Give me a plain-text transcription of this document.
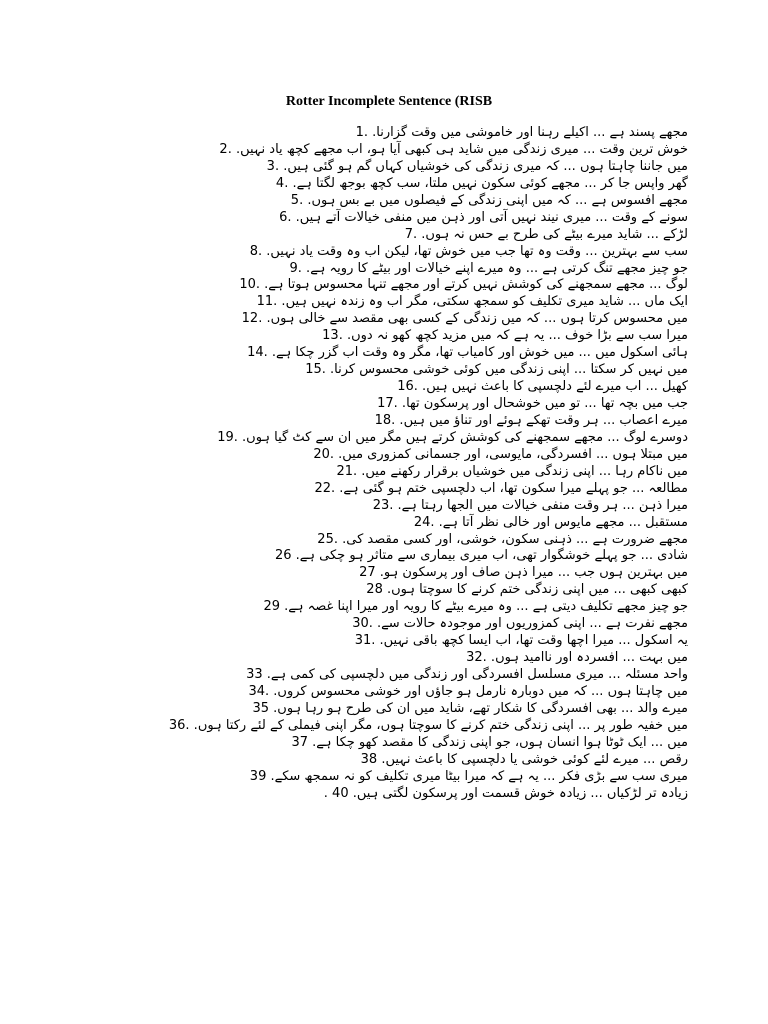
Rotter Incomplete Sentence (RISB
مجھے پسند ہے ... اکیلے رہنا اور خاموشی میں وقت گزارنا. .1
خوش ترین وقت ... میری زندگی میں شاید ہی کبھی آیا ہو، اب مجھے کچھ یاد نہیں. .2
میں جاننا چاہتا ہوں ... کہ میری زندگی کی خوشیاں کہاں گم ہو گئی ہیں. .3
گھر واپس جا کر ... مجھے کوئی سکون نہیں ملتا، سب کچھ بوجھ لگتا ہے. .4
مجھے افسوس ہے ... کہ میں اپنی زندگی کے فیصلوں میں بے بس ہوں. .5
سونے کے وقت ... میری نیند نہیں آتی اور ذہن میں منفی خیالات آتے ہیں. .6
لڑکے ... شاید میرے بیٹے کی طرح بے حس نہ ہوں. .7
سب سے بہترین ... وقت وہ تھا جب میں خوش تھا، لیکن اب وہ وقت یاد نہیں. .8
جو چیز مجھے تنگ کرتی ہے ... وہ میرے اپنے خیالات اور بیٹے کا رویہ ہے. .9
لوگ ... مجھے سمجھنے کی کوشش نہیں کرتے اور مجھے تنہا محسوس ہوتا ہے. .10
ایک ماں ... شاید میری تکلیف کو سمجھ سکتی، مگر اب وہ زندہ نہیں ہیں. .11
میں محسوس کرتا ہوں ... کہ میں زندگی کے کسی بھی مقصد سے خالی ہوں. .12
میرا سب سے بڑا خوف ... یہ ہے کہ میں مزید کچھ کھو نہ دوں. .13
ہائی اسکول میں ... میں خوش اور کامیاب تھا، مگر وہ وقت اب گزر چکا ہے. .14
میں نہیں کر سکتا ... اپنی زندگی میں کوئی خوشی محسوس کرنا. .15
کھیل ... اب میرے لئے دلچسپی کا باعث نہیں ہیں. .16
جب میں بچہ تھا ... تو میں خوشحال اور پرسکون تھا. .17
میرے اعصاب ... ہر وقت تھکے ہوئے اور تناؤ میں ہیں. .18
دوسرے لوگ ... مجھے سمجھنے کی کوشش کرتے ہیں مگر میں ان سے کٹ گیا ہوں. .19
میں مبتلا ہوں ... افسردگی، مایوسی، اور جسمانی کمزوری میں. .20
میں ناکام رہا ... اپنی زندگی میں خوشیاں برقرار رکھنے میں. .21
مطالعہ ... جو پہلے میرا سکون تھا، اب دلچسپی ختم ہو گئی ہے. .22
میرا ذہن ... ہر وقت منفی خیالات میں الجھا رہتا ہے. .23
مستقبل ... مجھے مایوس اور خالی نظر آتا ہے. .24
مجھے ضرورت ہے ... ذہنی سکون، خوشی، اور کسی مقصد کی. .25
شادی ... جو پہلے خوشگوار تھی، اب میری بیماری سے متاثر ہو چکی ہے. 26
میں بہترین ہوں جب ... میرا ذہن صاف اور پرسکون ہو. 27
کبھی کبھی ... میں اپنی زندگی ختم کرنے کا سوچتا ہوں. 28
جو چیز مجھے تکلیف دیتی ہے ... وہ میرے بیٹے کا رویہ اور میرا اپنا غصہ ہے. 29
مجھے نفرت ہے ... اپنی کمزوریوں اور موجودہ حالات سے. .30
یہ اسکول ... میرا اچھا وقت تھا، اب ایسا کچھ باقی نہیں. .31
میں بہت ... افسردہ اور ناامید ہوں. .32
واحد مسئلہ ... میری مسلسل افسردگی اور زندگی میں دلچسپی کی کمی ہے. 33
میں چاہتا ہوں ... کہ میں دوبارہ نارمل ہو جاؤں اور خوشی محسوس کروں. .34
میرے والد ... بھی افسردگی کا شکار تھے، شاید میں ان کی طرح ہو رہا ہوں. 35
میں خفیہ طور پر ... اپنی زندگی ختم کرنے کا سوچتا ہوں، مگر اپنی فیملی کے لئے رکتا ہوں. .36
میں ... ایک ٹوٹا ہوا انسان ہوں، جو اپنی زندگی کا مقصد کھو چکا ہے. 37
رقص ... میرے لئے کوئی خوشی یا دلچسپی کا باعث نہیں. 38
میری سب سے بڑی فکر ... یہ ہے کہ میرا بیٹا میری تکلیف کو نہ سمجھ سکے. 39
زیادہ تر لڑکیاں ... زیادہ خوش قسمت اور پرسکون لگتی ہیں. 40 .
